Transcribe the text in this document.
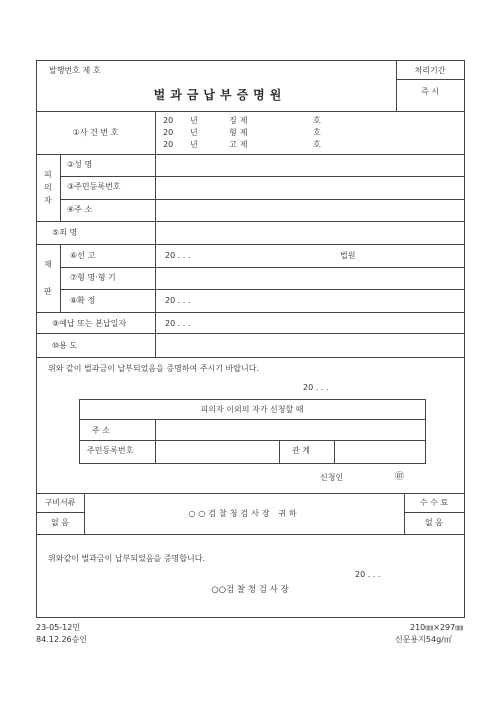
발행번호 제 호
벌과금납부증명원
처리기간
즉 시
①사 건 번 호
20 년	징제	호
20 년	형제	호
20 년	고제	호
피
의
자
②성 명
③주민등록번호
④주 소
⑤죄 명
재
판
⑥선 고	20 . . .	법원
⑦형 명·형 기
⑧확 정	20 . . .
⑨예납 또는 본납일자	20 . . .
⑩용 도
위와 같이 벌과금이 납부되었음을 증명하여 주시기 바랍니다.
20 . . .
피의자 이외의 자가 신청할 때
주 소
주민등록번호	관 계
신청인	㊞
구비서류
없 음
○○검찰청검사장 귀하
수 수 료
없 음
위와같이 벌과금이 납부되었음을 증명합니다.
20 . . .
○○검 찰 청 검 사 장
23-05-12민
84.12.26승인
210㎜×297㎜
신문용지54g/㎡
